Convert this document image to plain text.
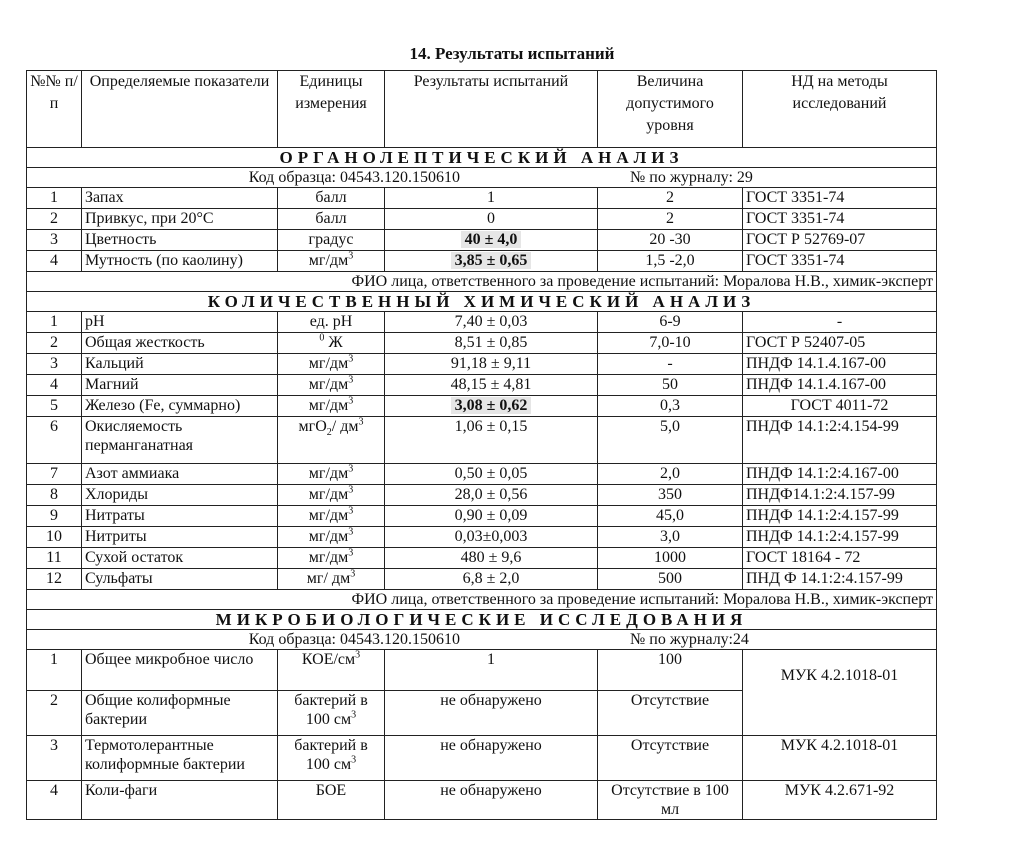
14. Результаты испытаний
№№ п/п	Определяемые показатели	Единицы измерения	Результаты испытаний	Величина допустимого уровня	НД на методы исследований
ОРГАНОЛЕПТИЧЕСКИЙ АНАЛИЗ					
Код образца: 04543.120.150610 № по журналу: 29					
1	Запах	балл	1	2	ГОСТ 3351-74
2	Привкус, при 20°С	балл	0	2	ГОСТ 3351-74
3	Цветность	градус	40 ± 4,0	20 -30	ГОСТ Р 52769-07
4	Мутность (по каолину)	$мг/дм^3$	3,85 ± 0,65	1,5 -2,0	ГОСТ 3351-74
ФИО лица, ответственного за проведение испытаний: Моралова Н.В., химик-эксперт					
КОЛИЧЕСТВЕННЫЙ ХИМИЧЕСКИЙ АНАЛИЗ					
1	pH	ед. рН	7,40 ± 0,03	6-9	-
2	Общая жесткость	$^0$ Ж	8,51 ± 0,85	7,0-10	ГОСТ Р 52407-05
3	Кальций	$мг/дм^3$	91,18 ± 9,11	-	ПНДФ 14.1.4.167-00
4	Магний	$мг/дм^3$	48,15 ± 4,81	50	ПНДФ 14.1.4.167-00
5	Железо (Fe, суммарно)	$мг/дм^3$	3,08 ± 0,62	0,3	ГОСТ 4011-72
6	Окисляемость перманганатная	мгО$_2$/ $дм^3$	1,06 ± 0,15	5,0	ПНДФ 14.1:2:4.154-99
7	Азот аммиака	$мг/дм^3$	0,50 ± 0,05	2,0	ПНДФ 14.1:2:4.167-00
8	Хлориды	$мг/дм^3$	28,0 ± 0,56	350	ПНДФ14.1:2:4.157-99
9	Нитраты	$мг/дм^3$	0,90 ± 0,09	45,0	ПНДФ 14.1:2:4.157-99
10	Нитриты	$мг/дм^3$	0,03±0,003	3,0	ПНДФ 14.1:2:4.157-99
11	Сухой остаток	$мг/дм^3$	480 ± 9,6	1000	ГОСТ 18164 - 72
12	Сульфаты	мг/ $дм^3$	6,8 ± 2,0	500	ПНД Ф 14.1:2:4.157-99
ФИО лица, ответственного за проведение испытаний: Моралова Н.В., химик-эксперт					
МИКРОБИОЛОГИЧЕСКИЕ ИССЛЕДОВАНИЯ					
Код образца: 04543.120.150610 № по журналу:24					
1	Общее микробное число	КОЕ/$см^3$	1	100	МУК 4.2.1018-01
2	Общие колиформные бактерии	бактерий в 100 $см^3$	не обнаружено	Отсутствие	
3	Термотолерантные колиформные бактерии	бактерий в 100 $см^3$	не обнаружено	Отсутствие	МУК 4.2.1018-01
4	Коли-фаги	БОЕ	не обнаружено	Отсутствие в 100 мл	МУК 4.2.671-92
